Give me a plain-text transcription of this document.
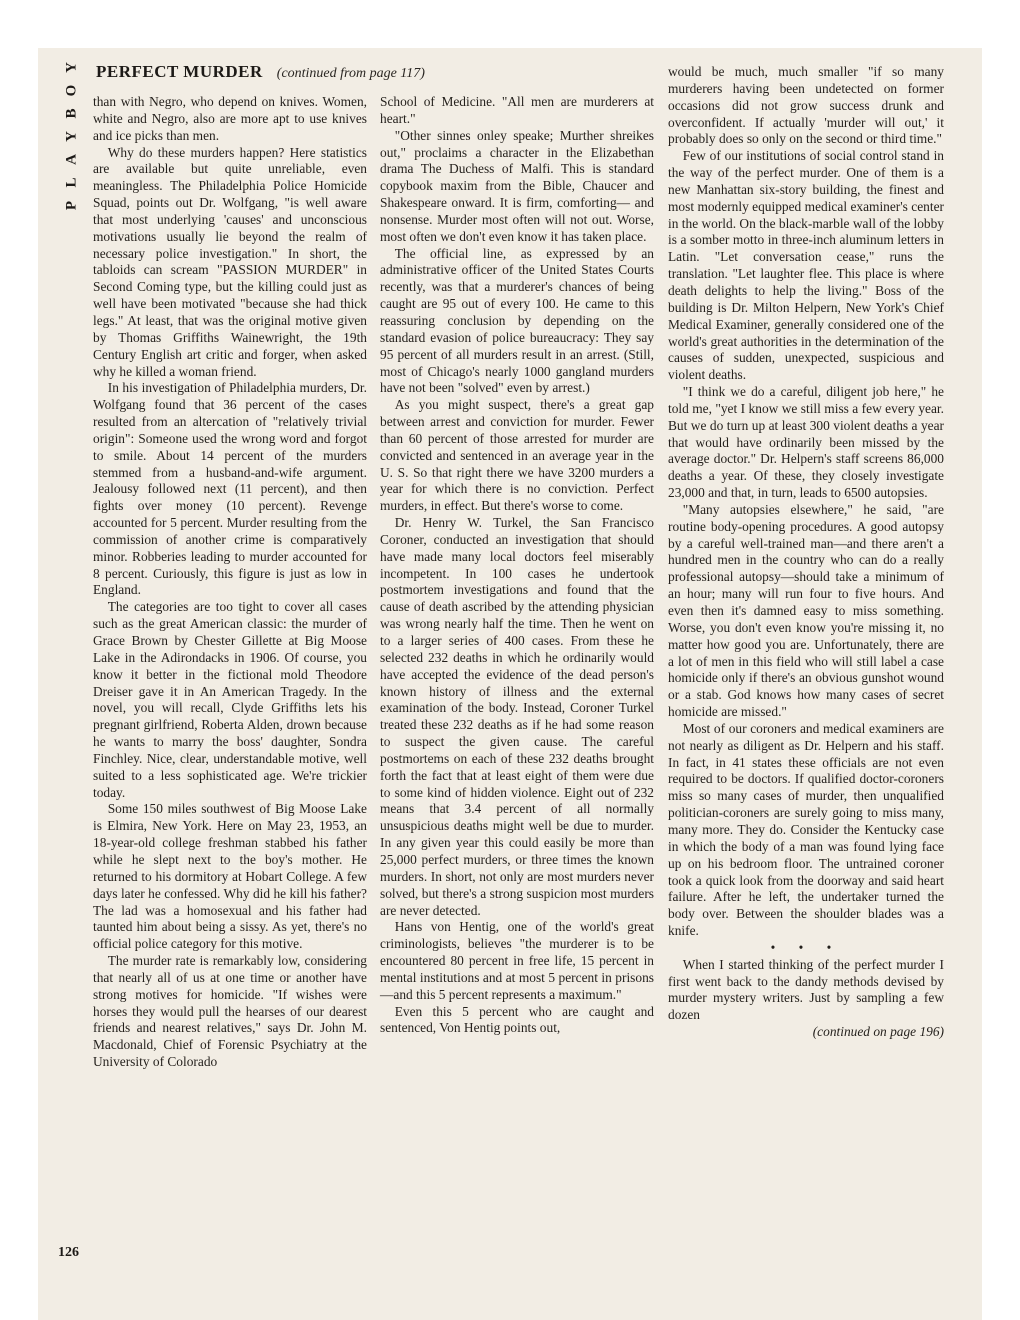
Y
O
B
Y
A
L
P
PERFECT MURDER (continued from page 117)

than with Negro, who depend on knives. Women, white and Negro, also are more apt to use knives and ice picks than men.

Why do these murders happen? Here statistics are available but quite unreliable, even meaningless. The Philadelphia Police Homicide Squad, points out Dr. Wolfgang, "is well aware that most underlying 'causes' and unconscious motivations usually lie beyond the realm of necessary police investigation." In short, the tabloids can scream "PASSION MURDER" in Second Coming type, but the killing could just as well have been motivated "because she had thick legs." At least, that was the original motive given by Thomas Griffiths Wainewright, the 19th Century English art critic and forger, when asked why he killed a woman friend.

In his investigation of Philadelphia murders, Dr. Wolfgang found that 36 percent of the cases resulted from an altercation of "relatively trivial origin": Someone used the wrong word and forgot to smile. About 14 percent of the murders stemmed from a husband-and-wife argument. Jealousy followed next (11 percent), and then fights over money (10 percent). Revenge accounted for 5 percent. Murder resulting from the commission of another crime is comparatively minor. Robberies leading to murder accounted for 8 percent. Curiously, this figure is just as low in England.

The categories are too tight to cover all cases such as the great American classic: the murder of Grace Brown by Chester Gillette at Big Moose Lake in the Adirondacks in 1906. Of course, you know it better in the fictional mold Theodore Dreiser gave it in An American Tragedy. In the novel, you will recall, Clyde Griffiths lets his pregnant girlfriend, Roberta Alden, drown because he wants to marry the boss' daughter, Sondra Finchley. Nice, clear, understandable motive, well suited to a less sophisticated age. We're trickier today.

Some 150 miles southwest of Big Moose Lake is Elmira, New York. Here on May 23, 1953, an 18-year-old college freshman stabbed his father while he slept next to the boy's mother. He returned to his dormitory at Hobart College. A few days later he confessed. Why did he kill his father? The lad was a homosexual and his father had taunted him about being a sissy. As yet, there's no official police category for this motive.

The murder rate is remarkably low, considering that nearly all of us at one time or another have strong motives for homicide. "If wishes were horses they would pull the hearses of our dearest friends and nearest relatives," says Dr. John M. Macdonald, Chief of Forensic Psychiatry at the University of Colorado

School of Medicine. "All men are murderers at heart."

"Other sinnes onley speake; Murther shreikes out," proclaims a character in the Elizabethan drama The Duchess of Malfi. This is standard copybook maxim from the Bible, Chaucer and Shakespeare onward. It is firm, comforting— and nonsense. Murder most often will not out. Worse, most often we don't even know it has taken place.

The official line, as expressed by an administrative officer of the United States Courts recently, was that a murderer's chances of being caught are 95 out of every 100. He came to this reassuring conclusion by depending on the standard evasion of police bureaucracy: They say 95 percent of all murders result in an arrest. (Still, most of Chicago's nearly 1000 gangland murders have not been "solved" even by arrest.)

As you might suspect, there's a great gap between arrest and conviction for murder. Fewer than 60 percent of those arrested for murder are convicted and sentenced in an average year in the U. S. So that right there we have 3200 murders a year for which there is no conviction. Perfect murders, in effect. But there's worse to come.

Dr. Henry W. Turkel, the San Francisco Coroner, conducted an investigation that should have made many local doctors feel miserably incompetent. In 100 cases he undertook postmortem investigations and found that the cause of death ascribed by the attending physician was wrong nearly half the time. Then he went on to a larger series of 400 cases. From these he selected 232 deaths in which he ordinarily would have accepted the evidence of the dead person's known history of illness and the external examination of the body. Instead, Coroner Turkel treated these 232 deaths as if he had some reason to suspect the given cause. The careful postmortems on each of these 232 deaths brought forth the fact that at least eight of them were due to some kind of hidden violence. Eight out of 232 means that 3.4 percent of all normally unsuspicious deaths might well be due to murder. In any given year this could easily be more than 25,000 perfect murders, or three times the known murders. In short, not only are most murders never solved, but there's a strong suspicion most murders are never detected.

Hans von Hentig, one of the world's great criminologists, believes "the murderer is to be encountered 80 percent in free life, 15 percent in mental institutions and at most 5 percent in prisons—and this 5 percent represents a maximum."

Even this 5 percent who are caught and sentenced, Von Hentig points out,

would be much, much smaller "if so many murderers having been undetected on former occasions did not grow success drunk and overconfident. If actually 'murder will out,' it probably does so only on the second or third time."

Few of our institutions of social control stand in the way of the perfect murder. One of them is a new Manhattan six-story building, the finest and most modernly equipped medical examiner's center in the world. On the black-marble wall of the lobby is a somber motto in three-inch aluminum letters in Latin. "Let conversation cease," runs the translation. "Let laughter flee. This place is where death delights to help the living." Boss of the building is Dr. Milton Helpern, New York's Chief Medical Examiner, generally considered one of the world's great authorities in the determination of the causes of sudden, unexpected, suspicious and violent deaths.

"I think we do a careful, diligent job here," he told me, "yet I know we still miss a few every year. But we do turn up at least 300 violent deaths a year that would have ordinarily been missed by the average doctor." Dr. Helpern's staff screens 86,000 deaths a year. Of these, they closely investigate 23,000 and that, in turn, leads to 6500 autopsies.

"Many autopsies elsewhere," he said, "are routine body-opening procedures. A good autopsy by a careful well-trained man—and there aren't a hundred men in the country who can do a really professional autopsy—should take a minimum of an hour; many will run four to five hours. And even then it's damned easy to miss something. Worse, you don't even know you're missing it, no matter how good you are. Unfortunately, there are a lot of men in this field who will still label a case homicide only if there's an obvious gunshot wound or a stab. God knows how many cases of secret homicide are missed."

Most of our coroners and medical examiners are not nearly as diligent as Dr. Helpern and his staff. In fact, in 41 states these officials are not even required to be doctors. If qualified doctor-coroners miss so many cases of murder, then unqualified politician-coroners are surely going to miss many, many more. They do. Consider the Kentucky case in which the body of a man was found lying face up on his bedroom floor. The untrained coroner took a quick look from the doorway and said heart failure. After he left, the undertaker turned the body over. Between the shoulder blades was a knife.

• • •

When I started thinking of the perfect murder I first went back to the dandy methods devised by murder mystery writers. Just by sampling a few dozen

(continued on page 196)

126
